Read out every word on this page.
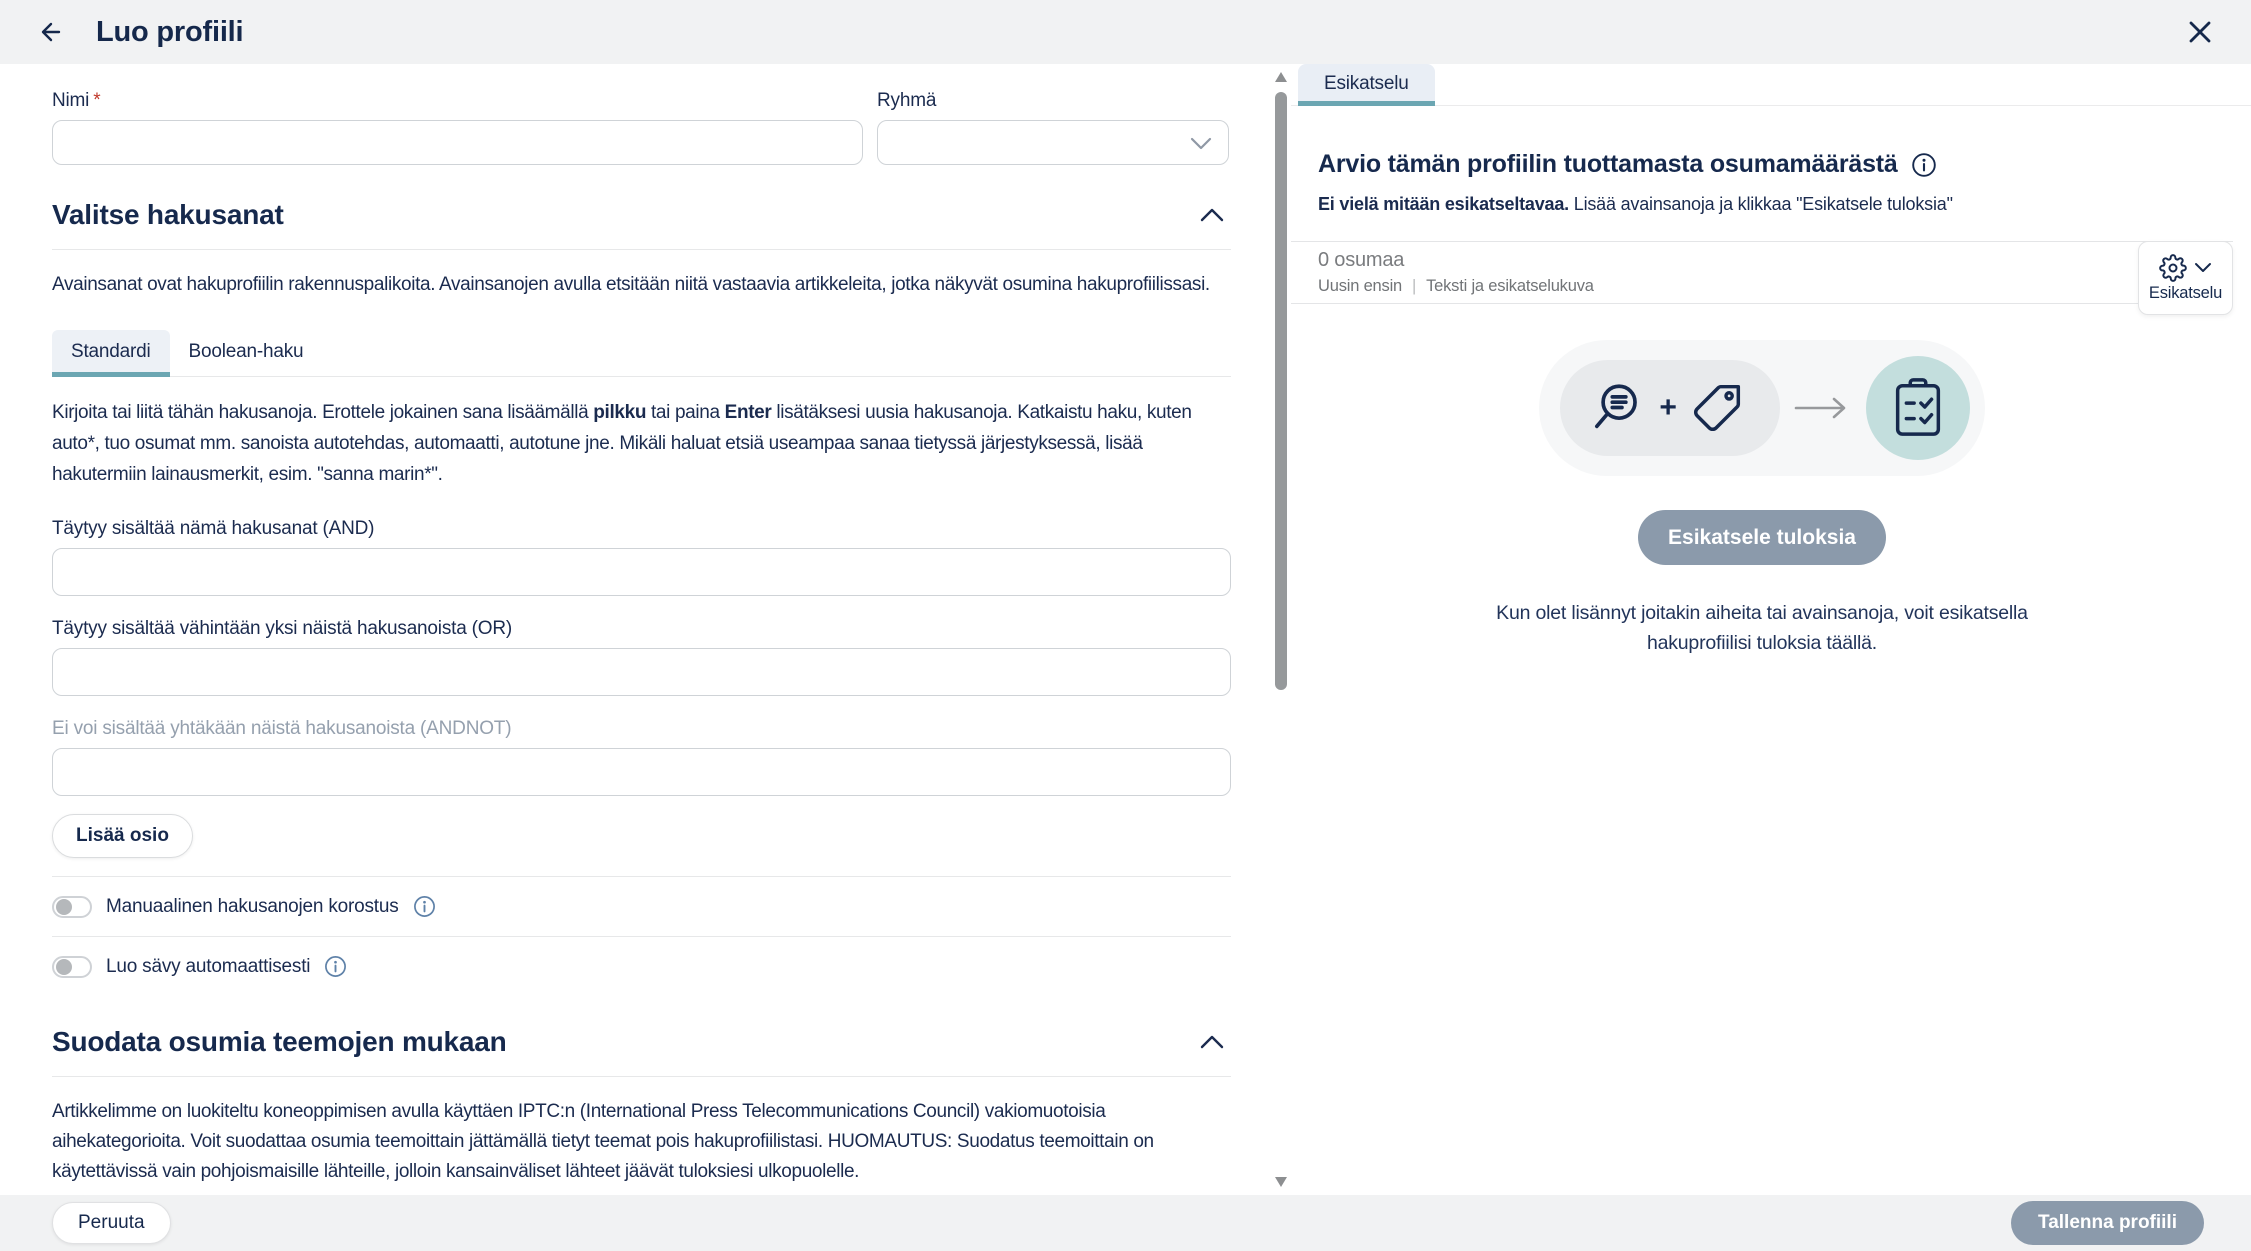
Luo profiili
Nimi *	Ryhmä
Valitse hakusanat

Avainsanat ovat hakuprofiilin rakennuspalikoita. Avainsanojen avulla etsitään niitä vastaavia artikkeleita, jotka näkyvät osumina hakuprofiilissasi.

Standardi	Boolean-haku

Kirjoita tai liitä tähän hakusanoja. Erottele jokainen sana lisäämällä pilkku tai paina Enter lisätäksesi uusia hakusanoja. Katkaistu haku, kuten auto*, tuo osumat mm. sanoista autotehdas, automaatti, autotune jne. Mikäli haluat etsiä useampaa sanaa tietyssä järjestyksessä, lisää hakutermiin lainausmerkit, esim. "sanna marin*".

Täytyy sisältää nämä hakusanat (AND)
Täytyy sisältää vähintään yksi näistä hakusanoista (OR)
Ei voi sisältää yhtäkään näistä hakusanoista (ANDNOT)
Lisää osio
Manuaalinen hakusanojen korostus
Luo sävy automaattisesti
Suodata osumia teemojen mukaan

Artikkelimme on luokiteltu koneoppimisen avulla käyttäen IPTC:n (International Press Telecommunications Council) vakiomuotoisia aihekategorioita. Voit suodattaa osumia teemoittain jättämällä tietyt teemat pois hakuprofiilistasi. HUOMAUTUS: Suodatus teemoittain on käytettävissä vain pohjoismaisille lähteille, jolloin kansainväliset lähteet jäävät tuloksiesi ulkopuolelle.

Esikatselu
Arvio tämän profiilin tuottamasta osumamäärästä
Ei vielä mitään esikatseltavaa. Lisää avainsanoja ja klikkaa "Esikatsele tuloksia"
0 osumaa
Uusin ensin | Teksti ja esikatselukuva	Esikatselu
+
Esikatsele tuloksia
Kun olet lisännyt joitakin aiheita tai avainsanoja, voit esikatsella
hakuprofiilisi tuloksia täällä.
Peruuta	Tallenna profiili
